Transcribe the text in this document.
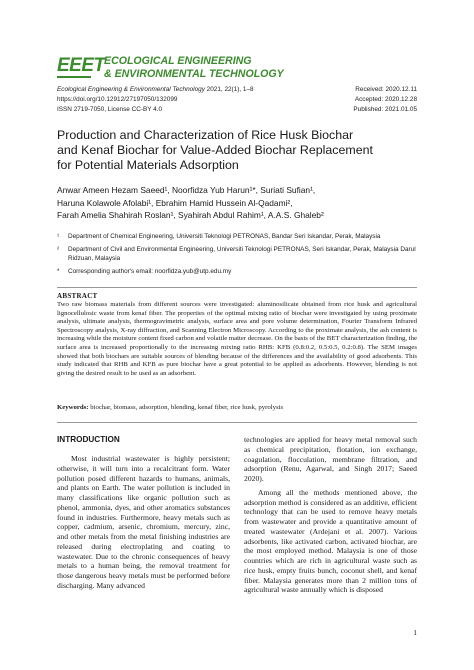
EEET ECOLOGICAL ENGINEERING
& ENVIRONMENTAL TECHNOLOGY
Ecological Engineering & Environmental Technology 2021, 22(1), 1–8
https://doi.org/10.12912/27197050/132099
ISSN 2719-7050, License CC-BY 4.0
Received: 2020.12.11
Accepted: 2020.12.28
Published: 2021.01.05
Production and Characterization of Rice Husk Biochar
and Kenaf Biochar for Value-Added Biochar Replacement
for Potential Materials Adsorption
Anwar Ameen Hezam Saeed¹, Noorfidza Yub Harun¹*, Suriati Sufian¹,
Haruna Kolawole Afolabi¹, Ebrahim Hamid Hussein Al-Qadami²,
Farah Amelia Shahirah Roslan¹, Syahirah Abdul Rahim¹, A.A.S. Ghaleb²
¹	Department of Chemical Engineering, Universiti Teknologi PETRONAS, Bandar Seri Iskandar, Perak, Malaysia
²	Department of Civil and Environmental Engineering, Universiti Teknologi PETRONAS, Seri Iskandar, Perak, Malaysia Darul Ridzuan, Malaysia
*	Corresponding author's email: noorfidza.yub@utp.edu.my
ABSTRACT
Two raw biomass materials from different sources were investigated: aluminosilicate obtained from rice husk and agricultural lignocellulosic waste from kenaf fiber. The properties of the optimal mixing ratio of biochar were investigated by using proximate analysis, ultimate analysis, thermogravimetric analysis, surface area and pore volume determination, Fourier Transform Infrared Spectroscopy analysis, X-ray diffraction, and Scanning Electron Microscopy. According to the proximate analysis, the ash content is increasing while the moisture content fixed carbon and volatile matter decrease. On the basis of the BET characterization finding, the surface area is increased proportionally to the increasing mixing ratio RHB: KFB (0.8:0.2, 0.5:0.5, 0.2:0.8). The SEM images showed that both biochars are suitable sources of blending because of the differences and the availability of good adsorbents. This study indicated that RHB and KFB as pure biochar have a great potential to be applied as adsorbents. However, blending is not giving the desired result to be used as an adsorbent.
Keywords: biochar, biomass, adsorption, blending, kenaf fiber, rice husk, pyrolysis
INTRODUCTION

Most industrial wastewater is highly persistent; otherwise, it will turn into a recalcitrant form. Water pollution posed different hazards to humans, animals, and plants on Earth. The water pollution is included in many classifications like organic pollution such as phenol, ammonia, dyes, and other aromatics substances found in industries. Furthermore, heavy metals such as copper, cadmium, arsenic, chromium, mercury, zinc, and other metals from the metal finishing industries are released during electroplating and coating to wastewater. Due to the chronic consequences of heavy metals to a human being, the removal treatment for those dangerous heavy metals must be performed before discharging. Many advanced

technologies are applied for heavy metal removal such as chemical precipitation, flotation, ion exchange, coagulation, flocculation, membrane filtration, and adsorption (Renu, Agarwal, and Singh 2017; Saeed 2020).

Among all the methods mentioned above, the adsorption method is considered as an additive, efficient technology that can be used to remove heavy metals from wastewater and provide a quantitative amount of treated wastewater (Ardejani et al. 2007). Various adsorbents, like activated carbon, activated biochar, are the most employed method. Malaysia is one of those countries which are rich in agricultural waste such as rice husk, empty fruits bunch, coconut shell, and kenaf fiber. Malaysia generates more than 2 million tons of agricultural waste annually which is disposed

1
